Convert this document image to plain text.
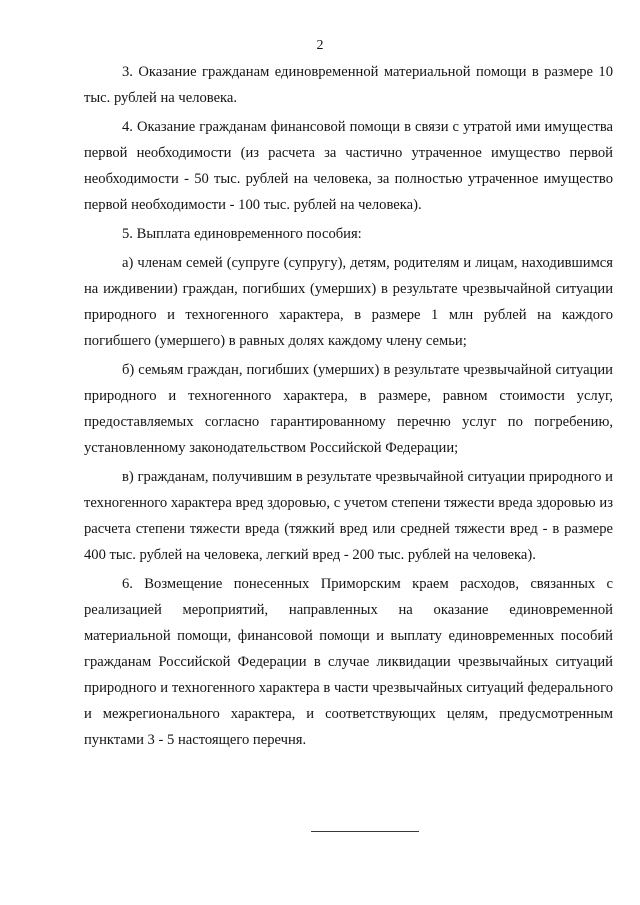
2

3. Оказание гражданам единовременной материальной помощи в размере 10 тыс. рублей на человека.

4. Оказание гражданам финансовой помощи в связи с утратой ими имущества первой необходимости (из расчета за частично утраченное имущество первой необходимости - 50 тыс. рублей на человека, за полностью утраченное имущество первой необходимости - 100 тыс. рублей на человека).

5. Выплата единовременного пособия:

а) членам семей (супруге (супругу), детям, родителям и лицам, находившимся на иждивении) граждан, погибших (умерших) в результате чрезвычайной ситуации природного и техногенного характера, в размере 1 млн рублей на каждого погибшего (умершего) в равных долях каждому члену семьи;

б) семьям граждан, погибших (умерших) в результате чрезвычайной ситуации природного и техногенного характера, в размере, равном стоимости услуг, предоставляемых согласно гарантированному перечню услуг по погребению, установленному законодательством Российской Федерации;

в) гражданам, получившим в результате чрезвычайной ситуации природного и техногенного характера вред здоровью, с учетом степени тяжести вреда здоровью из расчета степени тяжести вреда (тяжкий вред или средней тяжести вред - в размере 400 тыс. рублей на человека, легкий вред - 200 тыс. рублей на человека).

6. Возмещение понесенных Приморским краем расходов, связанных с реализацией мероприятий, направленных на оказание единовременной материальной помощи, финансовой помощи и выплату единовременных пособий гражданам Российской Федерации в случае ликвидации чрезвычайных ситуаций природного и техногенного характера в части чрезвычайных ситуаций федерального и межрегионального характера, и соответствующих целям, предусмотренным пунктами 3 - 5 настоящего перечня.
